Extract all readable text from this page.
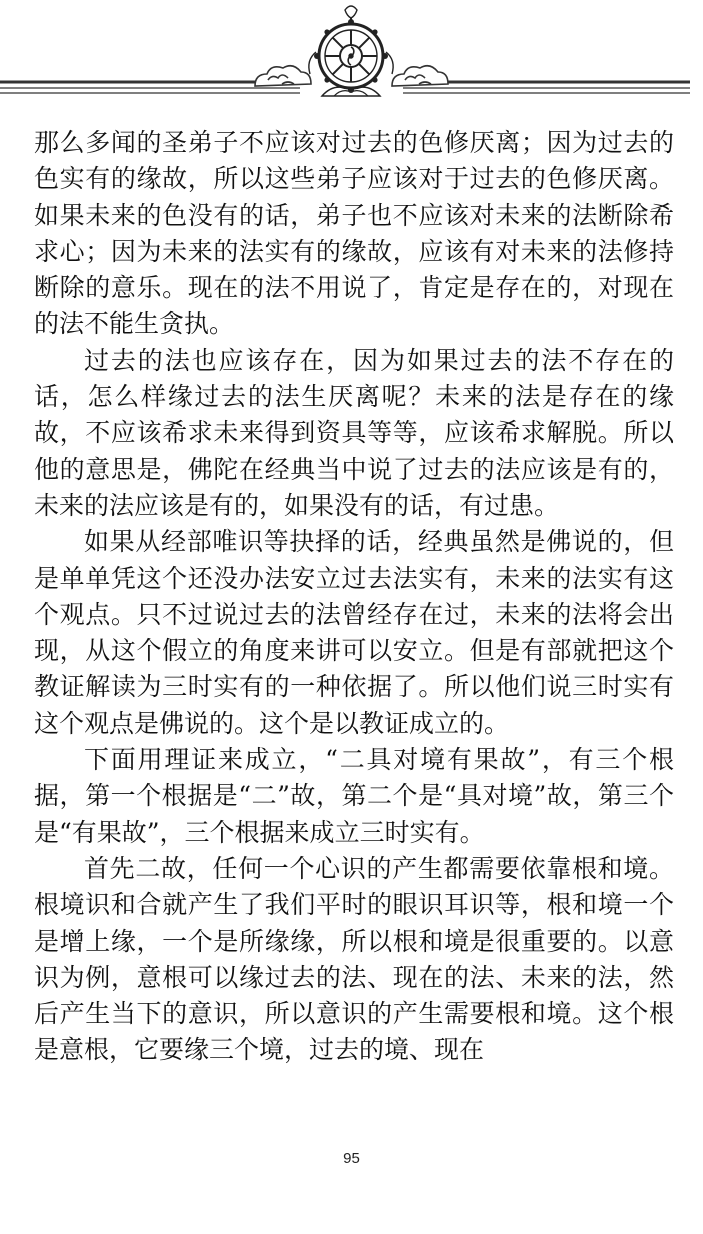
那么多闻的圣弟子不应该对过去的色修厌离；因为过去的色实有的缘故，所以这些弟子应该对于过去的色修厌离。如果未来的色没有的话，弟子也不应该对未来的法断除希求心；因为未来的法实有的缘故，应该有对未来的法修持断除的意乐。现在的法不用说了，肯定是存在的，对现在的法不能生贪执。

过去的法也应该存在，因为如果过去的法不存在的话，怎么样缘过去的法生厌离呢？未来的法是存在的缘故，不应该希求未来得到资具等等，应该希求解脱。所以他的意思是，佛陀在经典当中说了过去的法应该是有的，未来的法应该是有的，如果没有的话，有过患。

如果从经部唯识等抉择的话，经典虽然是佛说的，但是单单凭这个还没办法安立过去法实有，未来的法实有这个观点。只不过说过去的法曾经存在过，未来的法将会出现，从这个假立的角度来讲可以安立。但是有部就把这个教证解读为三时实有的一种依据了。所以他们说三时实有这个观点是佛说的。这个是以教证成立的。

下面用理证来成立，“二具对境有果故”，有三个根据，第一个根据是“二”故，第二个是“具对境”故，第三个是“有果故”，三个根据来成立三时实有。

首先二故，任何一个心识的产生都需要依靠根和境。根境识和合就产生了我们平时的眼识耳识等，根和境一个是增上缘，一个是所缘缘，所以根和境是很重要的。以意识为例，意根可以缘过去的法、现在的法、未来的法，然后产生当下的意识，所以意识的产生需要根和境。这个根是意根，它要缘三个境，过去的境、现在

95
